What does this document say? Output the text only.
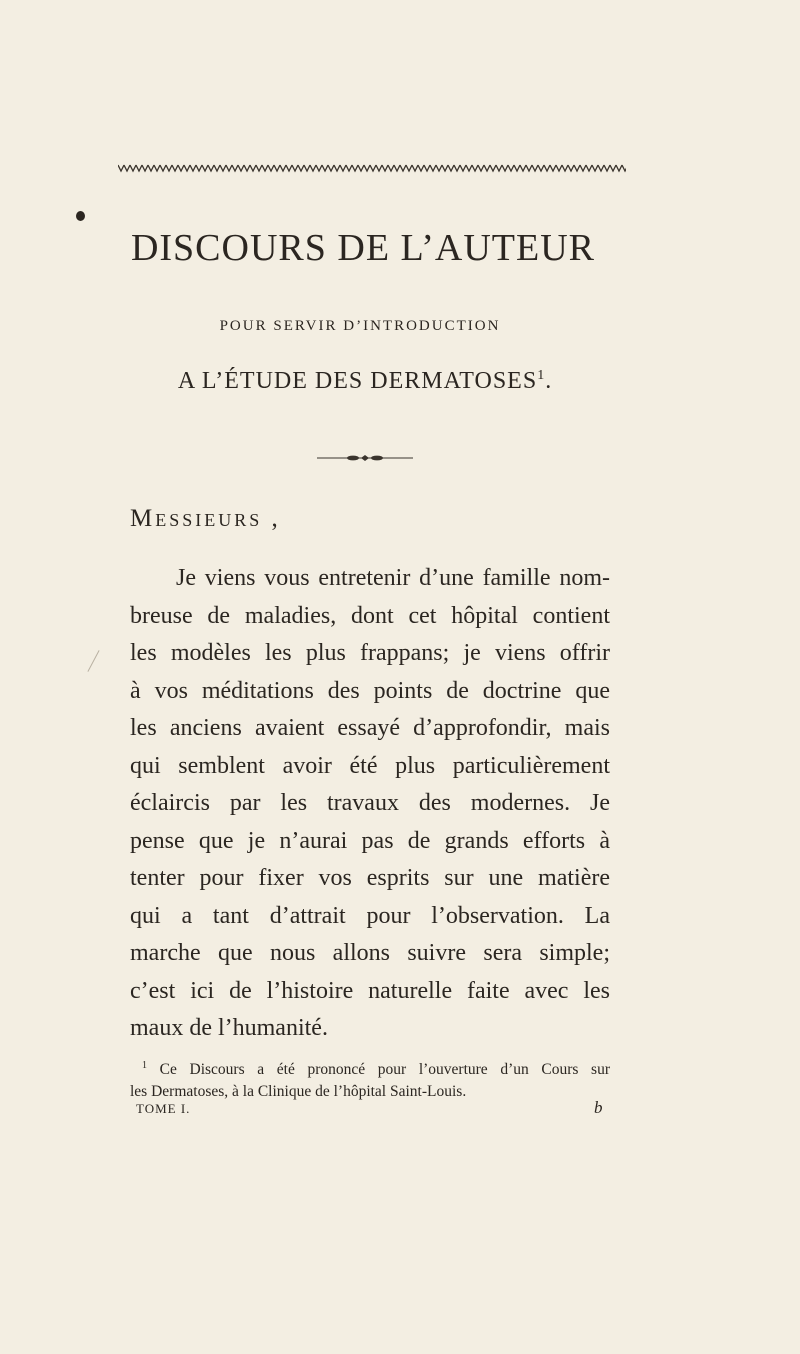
DISCOURS DE L’AUTEUR
POUR SERVIR D’INTRODUCTION
A L’ÉTUDE DES DERMATOSES$^1$.
Messieurs ,
Je viens vous entretenir d’une famille nom-
breuse de maladies, dont cet hôpital contient
les modèles les plus frappans; je viens offrir
à vos méditations des points de doctrine que
les anciens avaient essayé d’approfondir, mais
qui semblent avoir été plus particulièrement
éclaircis par les travaux des modernes. Je
pense que je n’aurai pas de grands efforts à
tenter pour fixer vos esprits sur une matière
qui a tant d’attrait pour l’observation. La
marche que nous allons suivre sera simple;
c’est ici de l’histoire naturelle faite avec les
maux de l’humanité.
$^1$ Ce Discours a été prononcé pour l’ouverture d’un Cours sur
les Dermatoses, à la Clinique de l’hôpital Saint-Louis.
TOME I.	b
